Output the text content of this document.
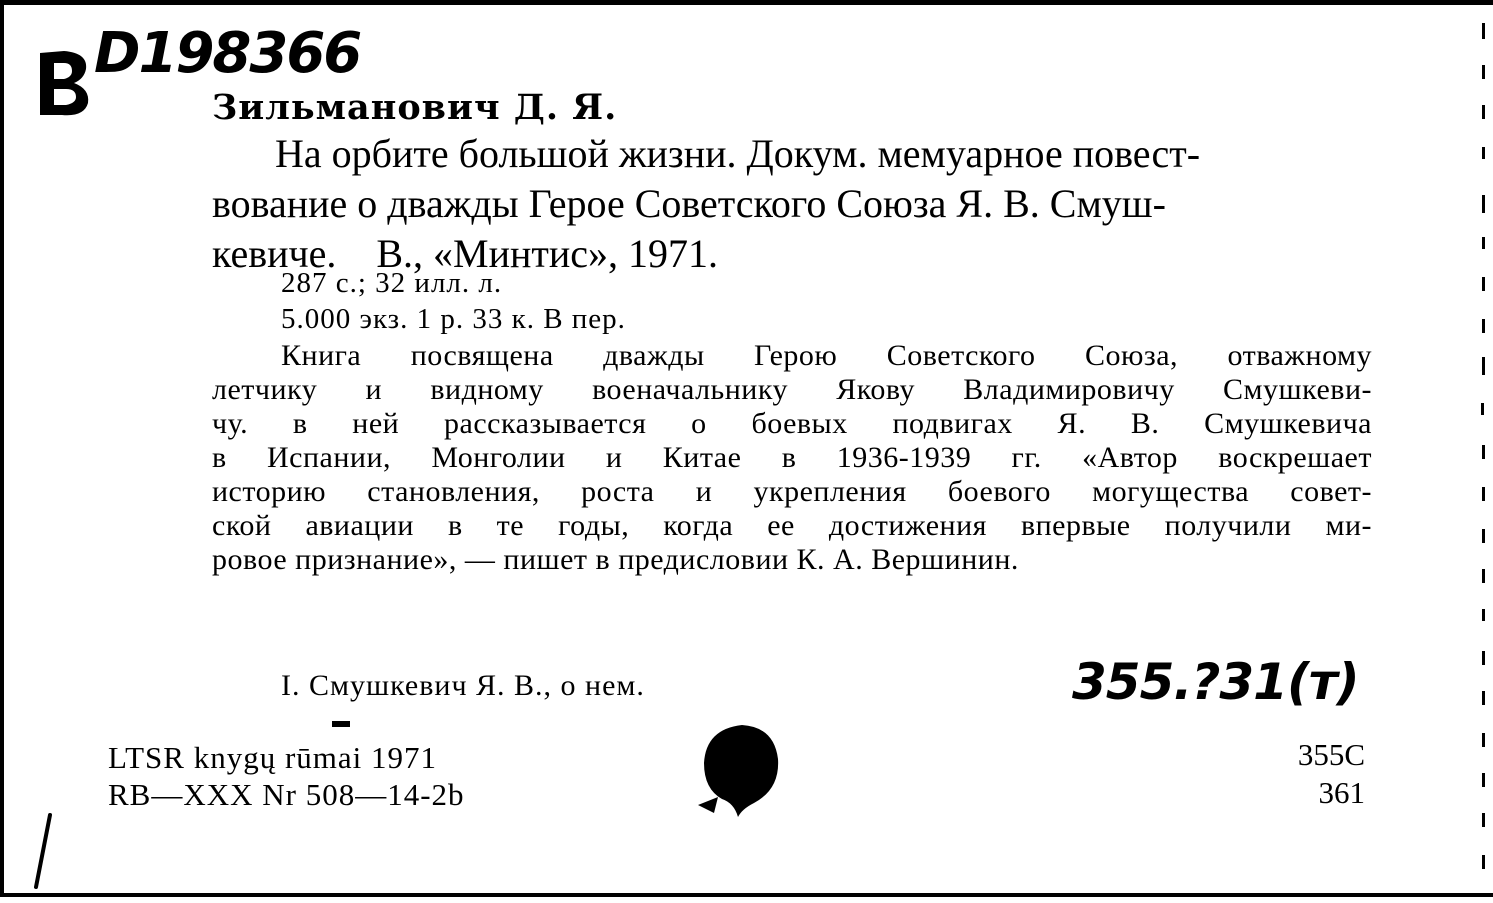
D198366
Зильманович Д. Я.
На орбите большой жизни. Докум. мемуарное повест-
вование о дважды Герое Советского Союза Я. В. Смуш-
кевиче.    В., «Минтис», 1971.
287 с.; 32 илл. л.
5.000 экз. 1 р. 33 к. В пер.
Книга посвящена дважды Герою Советского Союза, отважному
летчику и видному военачальнику Якову Владимировичу Смушкеви-
чу. в ней рассказывается о боевых подвигах Я. В. Смушкевича
в Испании, Монголии и Китае в 1936-1939 гг. «Автор воскрешает
историю становления, роста и укрепления боевого могущества совет-
ской авиации в те годы, когда ее достижения впервые получили ми-
ровое признание», — пишет в предисловии К. А. Вершинин.
I. Смушкевич Я. В., о нем.	355.?31(т)
LTSR knygų rūmai 1971
RB—XXX Nr 508—14-2b
355C
361
